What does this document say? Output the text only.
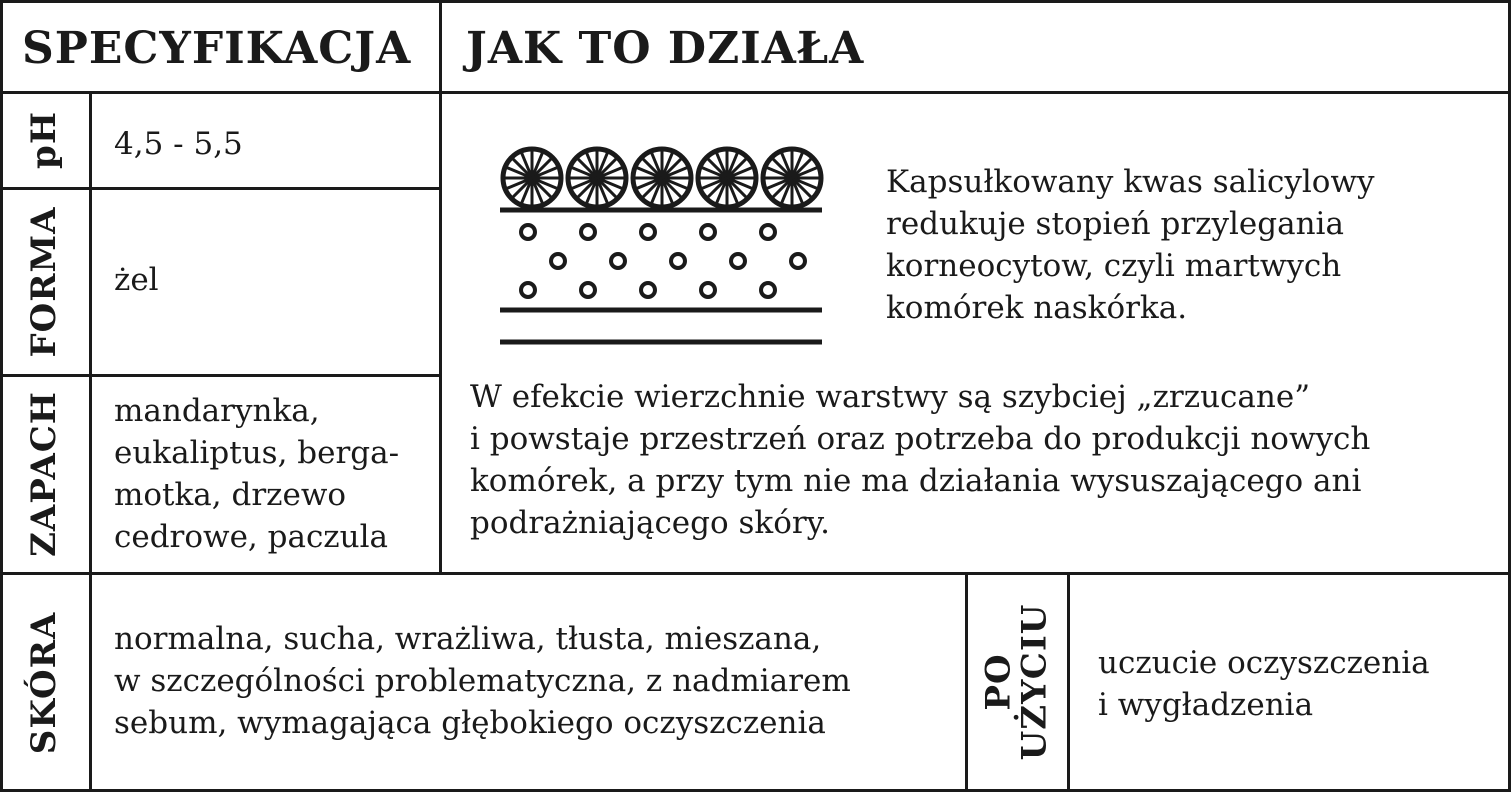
SPECYFIKACJA JAK TO DZIAŁA
pH 4,5 - 5,5
FORMA żel
ZAPACH mandarynka,
eukaliptus, berga-
motka, drzewo
cedrowe, paczula
Kapsułkowany kwas salicylowy
redukuje stopień przylegania
korneocytow, czyli martwych
komórek naskórka.
W efekcie wierzchnie warstwy są szybciej „zrzucane”
i powstaje przestrzeń oraz potrzeba do produkcji nowych
komórek, a przy tym nie ma działania wysuszającego ani
podrażniającego skóry.
SKÓRA normalna, sucha, wrażliwa, tłusta, mieszana,
w szczególności problematyczna, z nadmiarem
sebum, wymagająca głębokiego oczyszczenia
PO
UŻYCIU uczucie oczyszczenia
i wygładzenia
